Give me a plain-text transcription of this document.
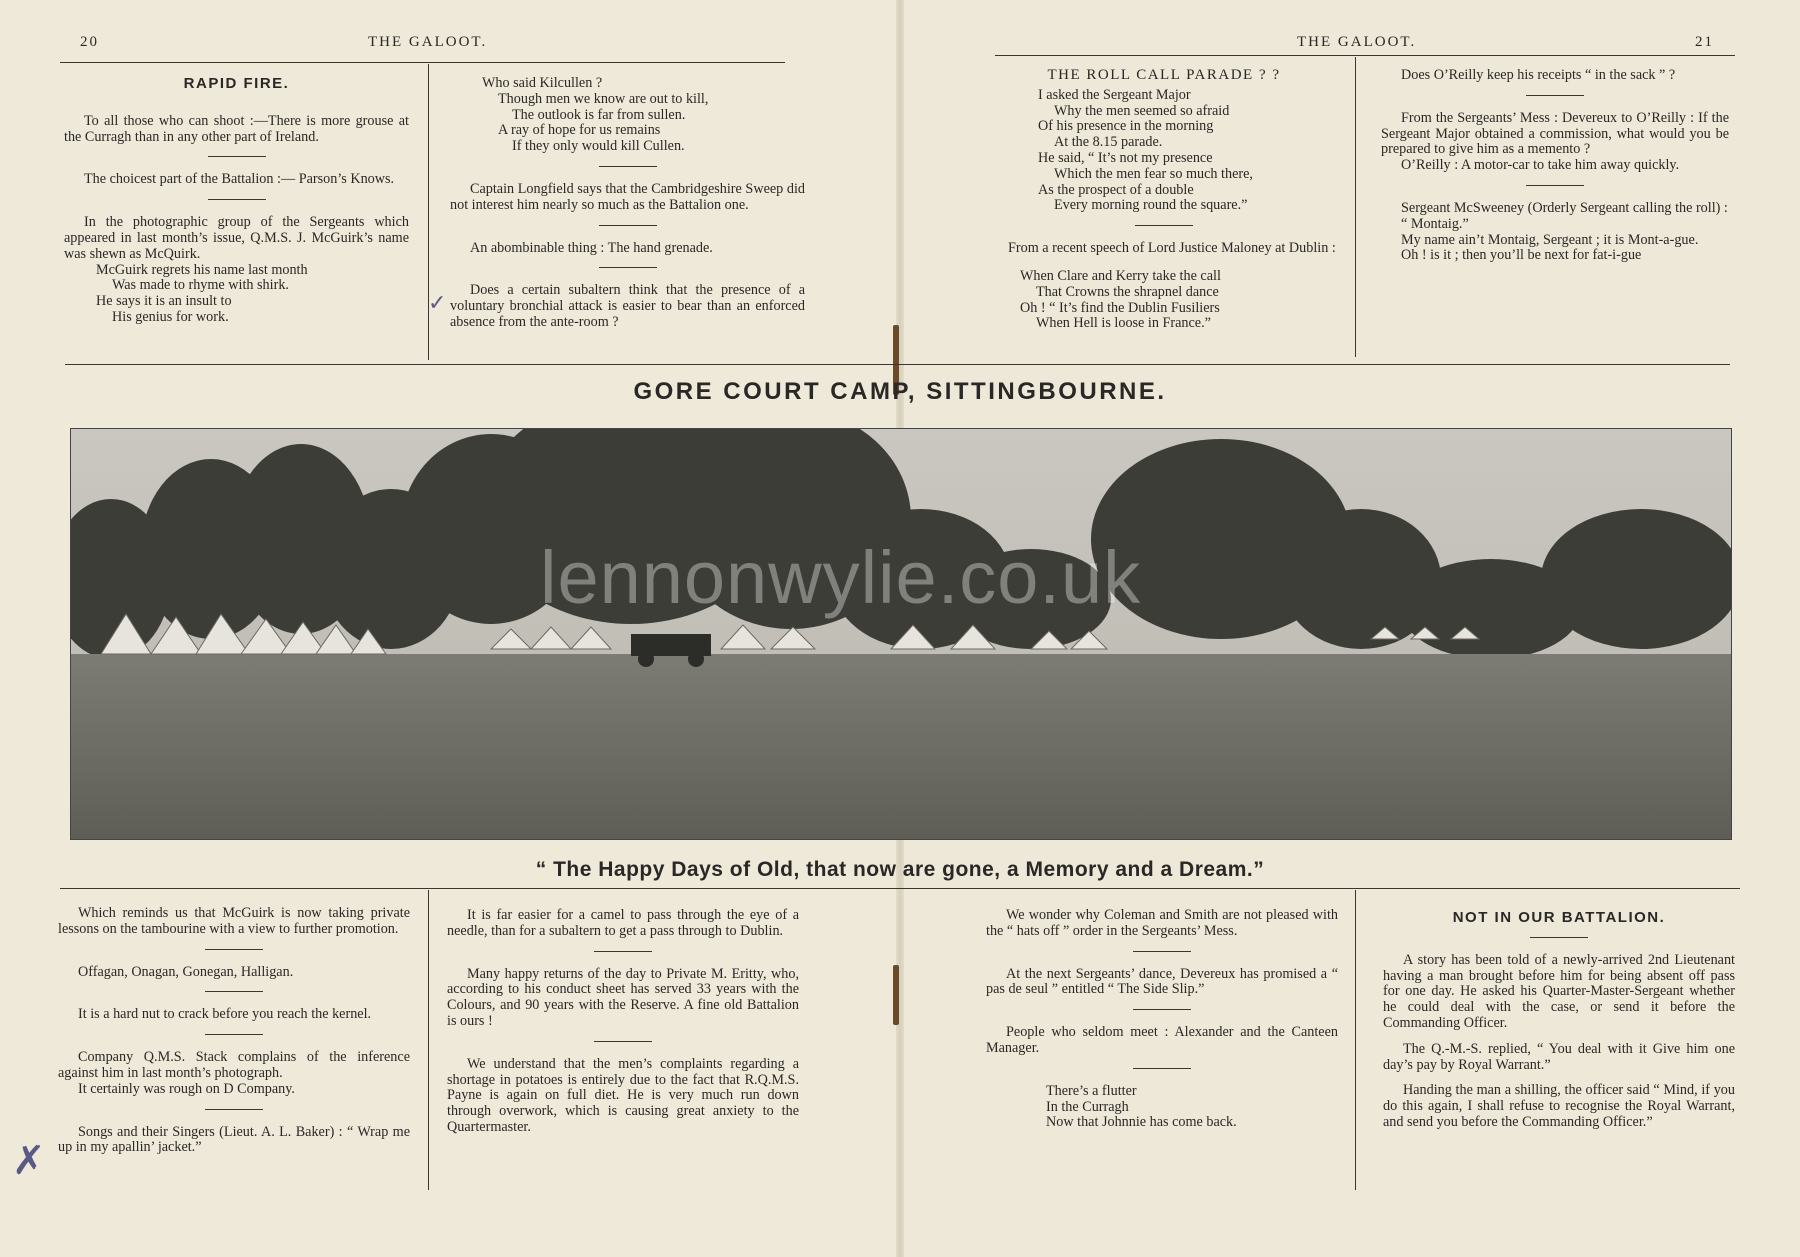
20	THE GALOOT.	THE GALOOT.	21
RAPID FIRE.

To all those who can shoot :—There is more grouse at the Curragh than in any other part of Ireland.

The choicest part of the Battalion :— Parson’s Knows.

In the photographic group of the Sergeants which appeared in last month’s issue, Q.M.S. J. McGuirk’s name was shewn as McQuirk.

McGuirk regrets his name last month

Was made to rhyme with shirk.

He says it is an insult to

His genius for work.

Who said Kilcullen ?

Though men we know are out to kill,

The outlook is far from sullen.

A ray of hope for us remains

If they only would kill Cullen.

Captain Longfield says that the Cambridgeshire Sweep did not interest him nearly so much as the Battalion one.

An abombinable thing : The hand grenade.

Does a certain subaltern think that the presence of a voluntary bronchial attack is easier to bear than an enforced absence from the ante-room ?

THE ROLL CALL PARADE ? ?

I asked the Sergeant Major

Why the men seemed so afraid

Of his presence in the morning

At the 8.15 parade.

He said, “ It’s not my presence

Which the men fear so much there,

As the prospect of a double

Every morning round the square.”

From a recent speech of Lord Justice Maloney at Dublin :

When Clare and Kerry take the call

That Crowns the shrapnel dance

Oh ! “ It’s find the Dublin Fusiliers

When Hell is loose in France.”

Does O’Reilly keep his receipts “ in the sack ” ?

From the Sergeants’ Mess : Devereux to O’Reilly : If the Sergeant Major obtained a commission, what would you be prepared to give him as a memento ?

O’Reilly : A motor-car to take him away quickly.

Sergeant McSweeney (Orderly Sergeant calling the roll) :

“ Montaig.”

My name ain’t Montaig, Sergeant ; it is Mont-a-gue.

Oh ! is it ; then you’ll be next for fat-i-gue

GORE COURT CAMP, SITTINGBOURNE.
lennonwylie.co.uk
“ The Happy Days of Old, that now are gone, a Memory and a Dream.”

Which reminds us that McGuirk is now taking private lessons on the tambourine with a view to further promotion.

Offagan, Onagan, Gonegan, Halligan.

It is a hard nut to crack before you reach the kernel.

Company Q.M.S. Stack complains of the inference against him in last month’s photograph.

It certainly was rough on D Company.

Songs and their Singers (Lieut. A. L. Baker) : “ Wrap me up in my apallin’ jacket.”

It is far easier for a camel to pass through the eye of a needle, than for a subaltern to get a pass through to Dublin.

Many happy returns of the day to Private M. Eritty, who, according to his conduct sheet has served 33 years with the Colours, and 90 years with the Reserve. A fine old Battalion is ours !

We understand that the men’s complaints regarding a shortage in potatoes is entirely due to the fact that R.Q.M.S. Payne is again on full diet. He is very much run down through overwork, which is causing great anxiety to the Quartermaster.

We wonder why Coleman and Smith are not pleased with the “ hats off ” order in the Sergeants’ Mess.

At the next Sergeants’ dance, Devereux has promised a “ pas de seul ” entitled “ The Side Slip.”

People who seldom meet : Alexander and the Canteen Manager.

There’s a flutter

In the Curragh

Now that Johnnie has come back.

NOT IN OUR BATTALION.

A story has been told of a newly-arrived 2nd Lieutenant having a man brought before him for being absent off pass for one day. He asked his Quarter-Master-Sergeant whether he could deal with the case, or send it before the Commanding Officer.

The Q.-M.-S. replied, “ You deal with it Give him one day’s pay by Royal Warrant.”

Handing the man a shilling, the officer said “ Mind, if you do this again, I shall refuse to recognise the Royal Warrant, and send you before the Commanding Officer.”

✓
✗
